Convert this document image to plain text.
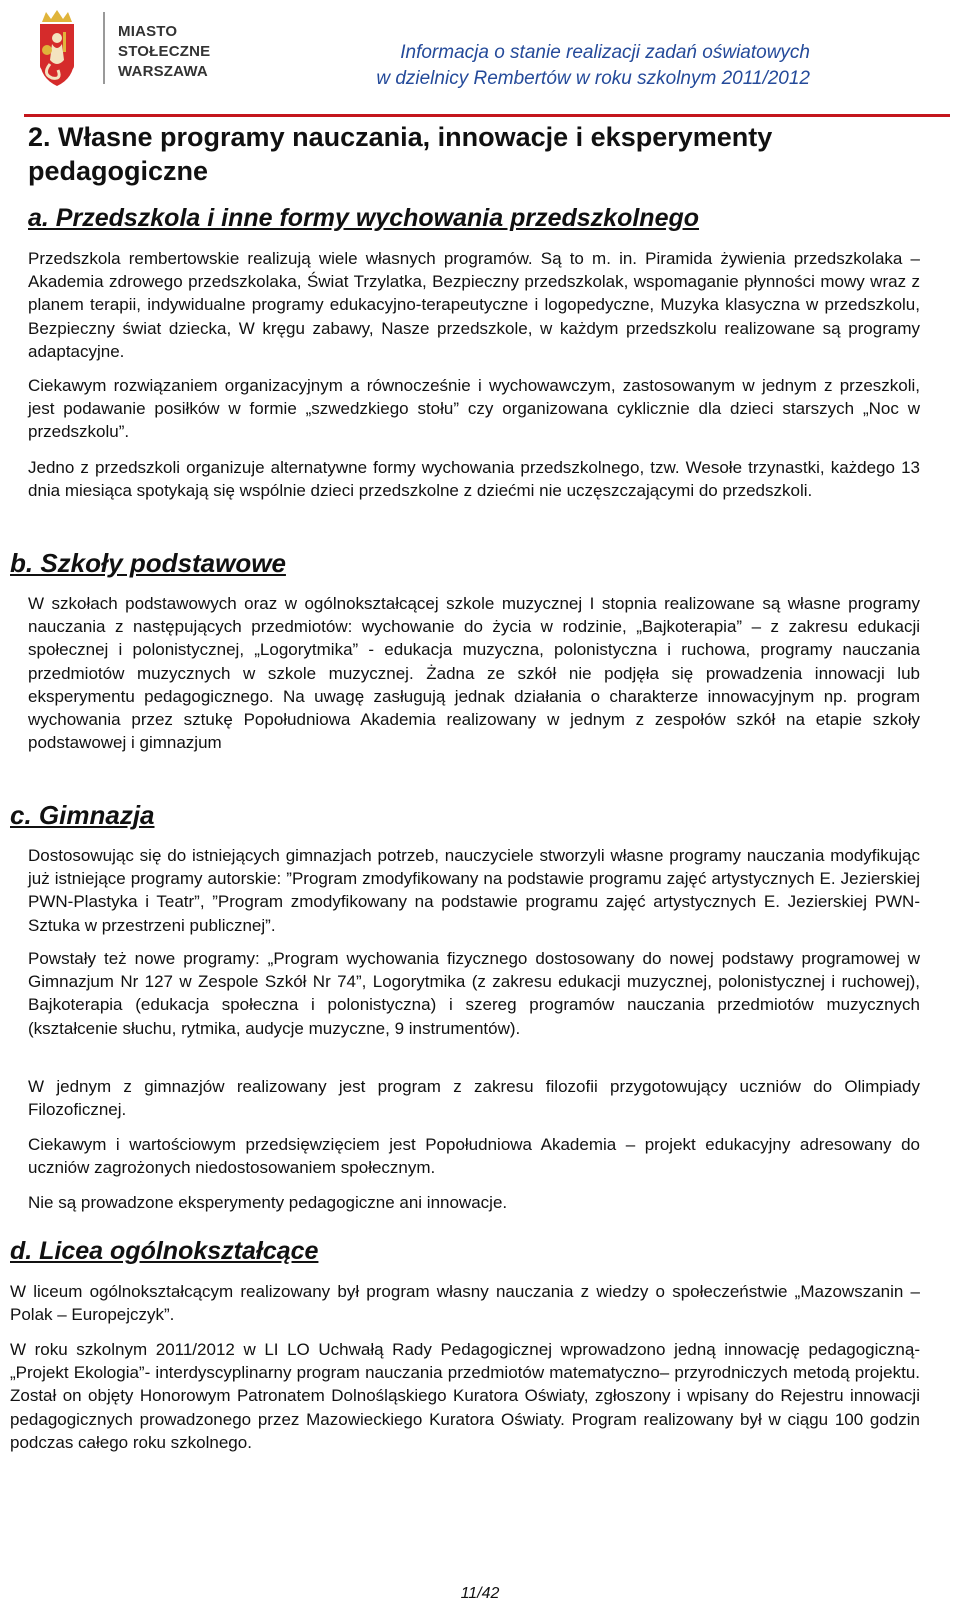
MIASTO
STOŁECZNE
WARSZAWA
Informacja o stanie realizacji zadań oświatowych
w dzielnicy Rembertów w roku szkolnym 2011/2012
2. Własne programy nauczania, innowacje i eksperymenty pedagogiczne
a. Przedszkola i inne formy wychowania przedszkolnego

Przedszkola rembertowskie realizują wiele własnych programów. Są to m. in. Piramida żywienia przedszkolaka – Akademia zdrowego przedszkolaka, Świat Trzylatka, Bezpieczny przedszkolak, wspomaganie płynności mowy wraz z planem terapii, indywidualne programy edukacyjno-terapeutyczne i logopedyczne, Muzyka klasyczna w przedszkolu, Bezpieczny świat dziecka, W kręgu zabawy, Nasze przedszkole, w każdym przedszkolu realizowane są programy adaptacyjne.

Ciekawym rozwiązaniem organizacyjnym a równocześnie i wychowawczym, zastosowanym w jednym z przeszkoli, jest podawanie posiłków w formie „szwedzkiego stołu” czy organizowana cyklicznie dla dzieci starszych „Noc w przedszkolu”.

Jedno z przedszkoli organizuje alternatywne formy wychowania przedszkolnego, tzw. Wesołe trzynastki, każdego 13 dnia miesiąca spotykają się wspólnie dzieci przedszkolne z dziećmi nie uczęszczającymi do przedszkoli.

b. Szkoły podstawowe

W szkołach podstawowych oraz w ogólnokształcącej szkole muzycznej I stopnia realizowane są własne programy nauczania z następujących przedmiotów: wychowanie do życia w rodzinie, „Bajkoterapia” – z zakresu edukacji społecznej i polonistycznej, „Logorytmika” - edukacja muzyczna, polonistyczna i ruchowa, programy nauczania przedmiotów muzycznych w szkole muzycznej. Żadna ze szkół nie podjęła się prowadzenia innowacji lub eksperymentu pedagogicznego. Na uwagę zasługują jednak działania o charakterze innowacyjnym np. program wychowania przez sztukę Popołudniowa Akademia realizowany w jednym z zespołów szkół na etapie szkoły podstawowej i gimnazjum

c. Gimnazja

Dostosowując się do istniejących gimnazjach potrzeb, nauczyciele stworzyli własne programy nauczania modyfikując już istniejące programy autorskie: ”Program zmodyfikowany na podstawie programu zajęć artystycznych E. Jezierskiej PWN-Plastyka i Teatr”, ”Program zmodyfikowany na podstawie programu zajęć artystycznych E. Jezierskiej PWN- Sztuka w przestrzeni publicznej”.

Powstały też nowe programy: „Program wychowania fizycznego dostosowany do nowej podstawy programowej w Gimnazjum Nr 127 w Zespole Szkół Nr 74”, Logorytmika (z zakresu edukacji muzycznej, polonistycznej i ruchowej), Bajkoterapia (edukacja społeczna i polonistyczna) i szereg programów nauczania przedmiotów muzycznych (kształcenie słuchu, rytmika, audycje muzyczne, 9 instrumentów).

W jednym z gimnazjów realizowany jest program z zakresu filozofii przygotowujący uczniów do Olimpiady Filozoficznej.

Ciekawym i wartościowym przedsięwzięciem jest Popołudniowa Akademia – projekt edukacyjny adresowany do uczniów zagrożonych niedostosowaniem społecznym.

Nie są prowadzone eksperymenty pedagogiczne ani innowacje.

d. Licea ogólnokształcące

W liceum ogólnokształcącym realizowany był program własny nauczania z wiedzy o społeczeństwie „Mazowszanin – Polak – Europejczyk”.

W roku szkolnym 2011/2012 w LI LO Uchwałą Rady Pedagogicznej wprowadzono jedną innowację pedagogiczną- „Projekt Ekologia”- interdyscyplinarny program nauczania przedmiotów matematyczno– przyrodniczych metodą projektu. Został on objęty Honorowym Patronatem Dolnośląskiego Kuratora Oświaty, zgłoszony i wpisany do Rejestru innowacji pedagogicznych prowadzonego przez Mazowieckiego Kuratora Oświaty. Program realizowany był w ciągu 100 godzin podczas całego roku szkolnego.

11/42
